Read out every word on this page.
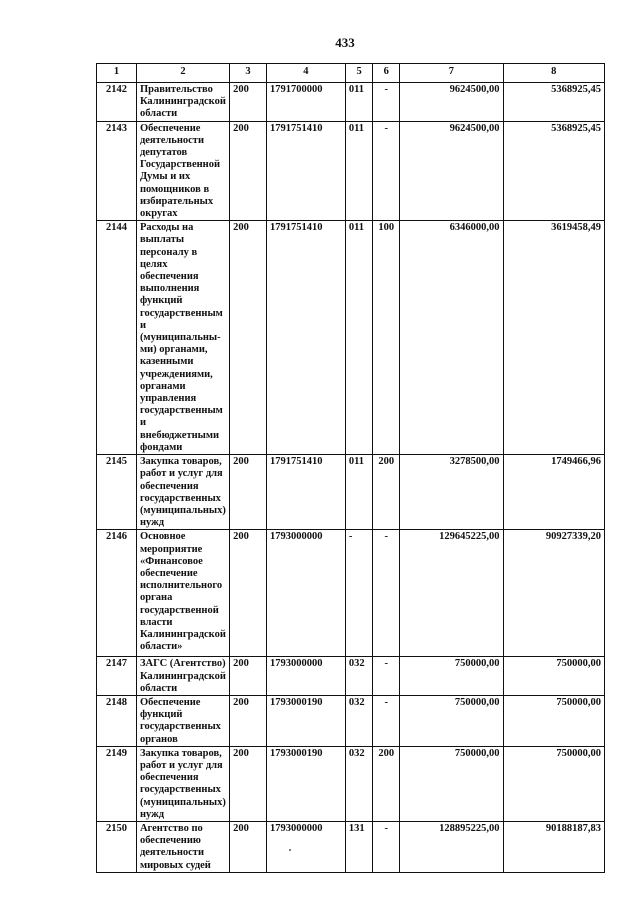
433
1	2	3	4	5	6	7	8
2142	Правительство Калининградской области	200	1791700000	011	-	9624500,00	5368925,45
2143	Обеспечение деятельности депутатов Государственной Думы и их помощников в избирательных округах	200	1791751410	011	-	9624500,00	5368925,45
2144	Расходы на выплаты персоналу в целях обеспечения выполнения функций государственными (муниципальны-ми) органами, казенными учреждениями, органами управления государственными внебюджетными фондами	200	1791751410	011	100	6346000,00	3619458,49
2145	Закупка товаров, работ и услуг для обеспечения государственных (муниципальных) нужд	200	1791751410	011	200	3278500,00	1749466,96
2146	Основное мероприятие «Финансовое обеспечение исполнительного органа государственной власти Калининградской области»	200	1793000000	-	-	129645225,00	90927339,20
2147	ЗАГС (Агентство) Калининградской области	200	1793000000	032	-	750000,00	750000,00
2148	Обеспечение функций государственных органов	200	1793000190	032	-	750000,00	750000,00
2149	Закупка товаров, работ и услуг для обеспечения государственных (муниципальных) нужд	200	1793000190	032	200	750000,00	750000,00
2150	Агентство по обеспечению деятельности мировых судей	200	1793000000	131	-	128895225,00	90188187,83
